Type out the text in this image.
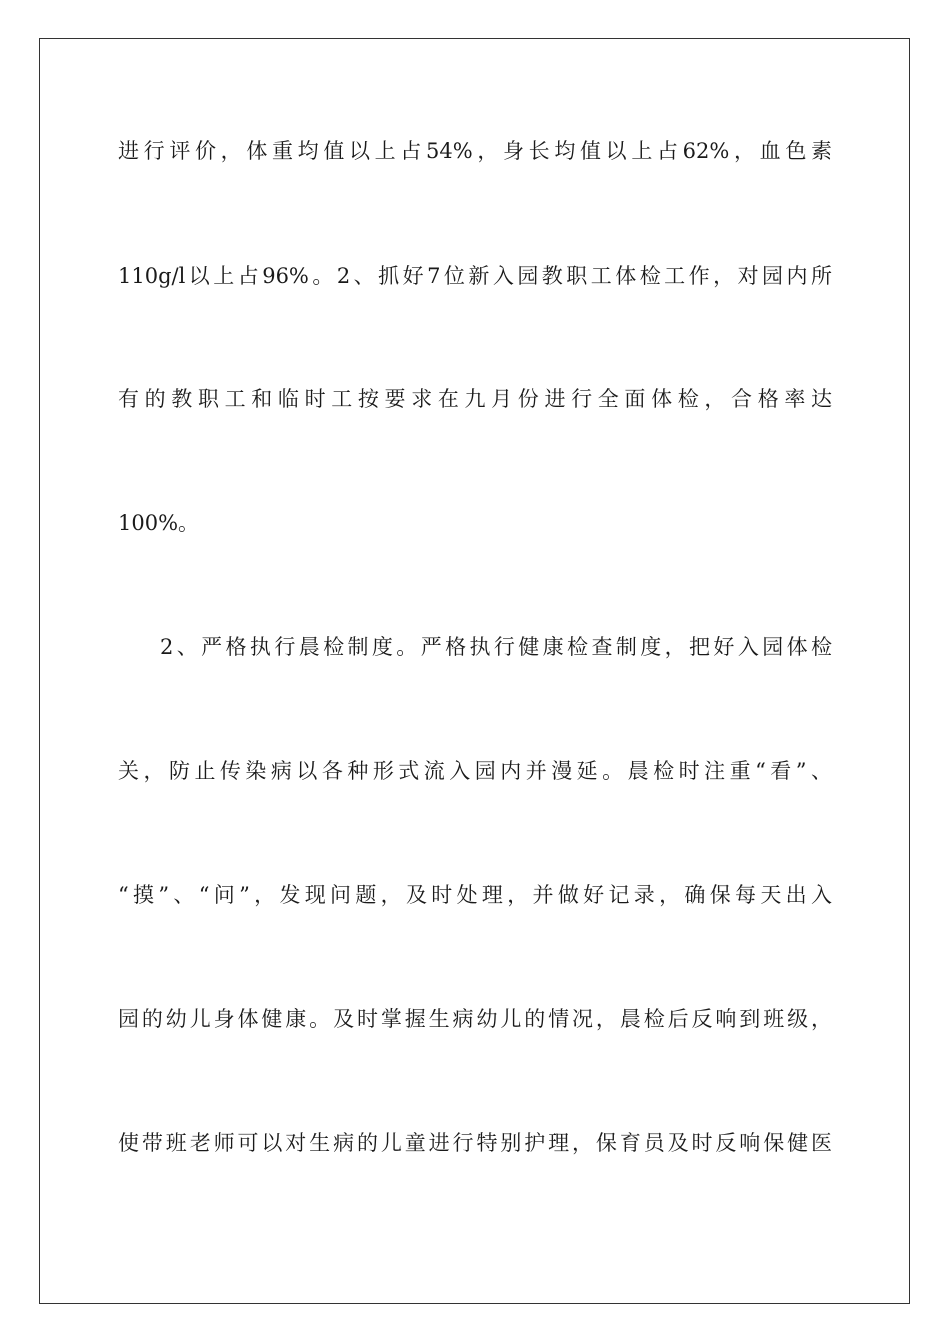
进行评价，体重均值以上占54%，身长均值以上占62%，血色素
110g/l以上占96%。2、抓好7位新入园教职工体检工作，对园内所
有的教职工和临时工按要求在九月份进行全面体检，合格率达
100%。
2、严格执行晨检制度。严格执行健康检查制度，把好入园体检
关，防止传染病以各种形式流入园内并漫延。晨检时注重“看”、
“摸”、“问”，发现问题，及时处理，并做好记录，确保每天出入
园的幼儿身体健康。及时掌握生病幼儿的情况，晨检后反响到班级，
使带班老师可以对生病的儿童进行特别护理，保育员及时反响保健医
